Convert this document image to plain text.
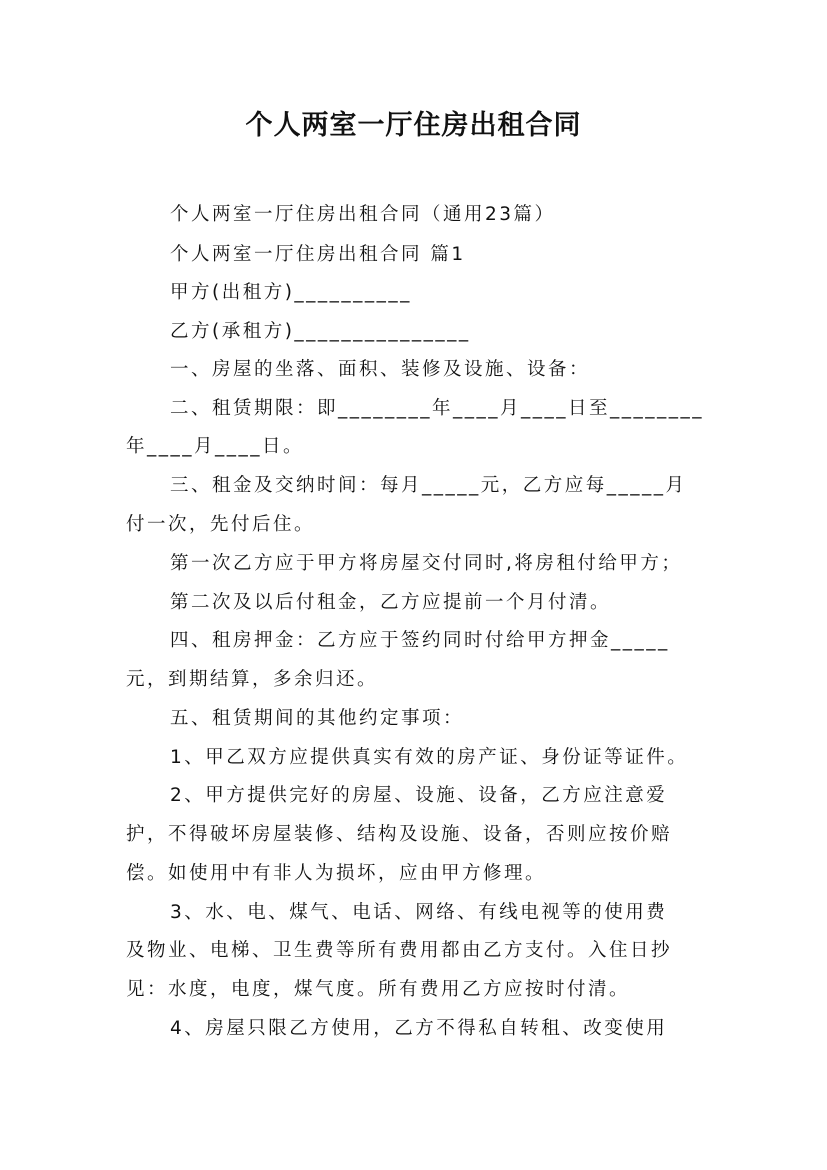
个人两室一厅住房出租合同
个人两室一厅住房出租合同（通用23篇）
个人两室一厅住房出租合同 篇1
甲方(出租方)__________
乙方(承租方)_______________
一、房屋的坐落、面积、装修及设施、设备：
二、租赁期限：即________年____月____日至________
年____月____日。
三、租金及交纳时间：每月_____元，乙方应每_____月
付一次，先付后住。
第一次乙方应于甲方将房屋交付同时,将房租付给甲方；
第二次及以后付租金，乙方应提前一个月付清。
四、租房押金：乙方应于签约同时付给甲方押金_____
元，到期结算，多余归还。
五、租赁期间的其他约定事项：
1、甲乙双方应提供真实有效的房产证、身份证等证件。
2、甲方提供完好的房屋、设施、设备，乙方应注意爱
护，不得破坏房屋装修、结构及设施、设备，否则应按价赔
偿。如使用中有非人为损坏，应由甲方修理。
3、水、电、煤气、电话、网络、有线电视等的使用费
及物业、电梯、卫生费等所有费用都由乙方支付。入住日抄
见：水度，电度，煤气度。所有费用乙方应按时付清。
4、房屋只限乙方使用，乙方不得私自转租、改变使用
